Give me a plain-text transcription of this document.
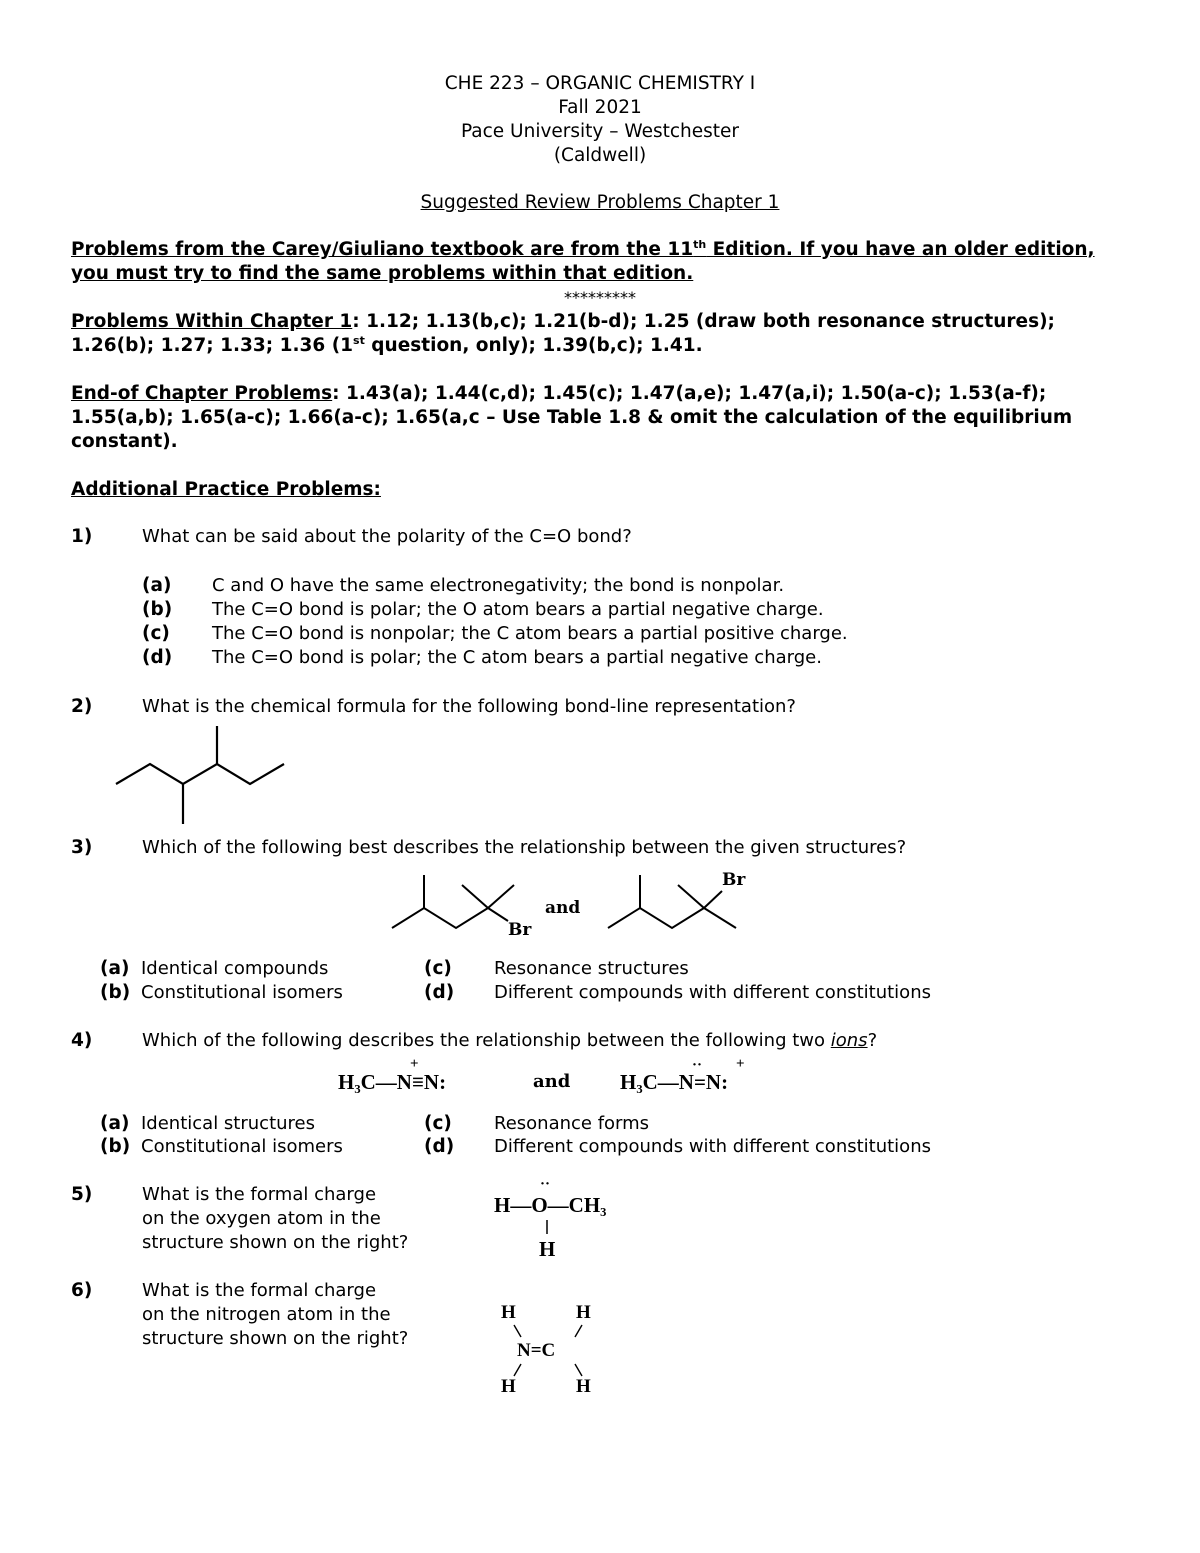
CHE 223 – ORGANIC CHEMISTRY I
Fall 2021
Pace University – Westchester
(Caldwell)
Suggested Review Problems Chapter 1
Problems from the Carey/Giuliano textbook are from the 11th Edition. If you have an older edition, you must try to find the same problems within that edition.
*********
Problems Within Chapter 1: 1.12; 1.13(b,c); 1.21(b-d); 1.25 (draw both resonance structures); 1.26(b); 1.27; 1.33; 1.36 (1st question, only); 1.39(b,c); 1.41.
End-of Chapter Problems: 1.43(a); 1.44(c,d); 1.45(c); 1.47(a,e); 1.47(a,i); 1.50(a-c); 1.53(a-f); 1.55(a,b); 1.65(a-c); 1.66(a-c); 1.65(a,c – Use Table 1.8 & omit the calculation of the equilibrium constant).
Additional Practice Problems:
1)	What can be said about the polarity of the C=O bond?
(a) C and O have the same electronegativity; the bond is nonpolar.
(b) The C=O bond is polar; the O atom bears a partial negative charge.
(c) The C=O bond is nonpolar; the C atom bears a partial positive charge.
(d) The C=O bond is polar; the C atom bears a partial negative charge.
2)	What is the chemical formula for the following bond-line representation?
3)	Which of the following best describes the relationship between the given structures?
Br
and
Br
(a) Identical compounds
(b) Constitutional isomers
(c) Resonance structures
(d) Different compounds with different constitutions
4)	Which of the following describes the relationship between the following two ions?
H₃C—N≡N:
+
and H₃C—N=N:
·· +
(a) Identical structures
(b) Constitutional isomers
(c) Resonance forms
(d) Different compounds with different constitutions
5)	What is the formal charge
on the oxygen atom in the
structure shown on the right?
H—O—CH₃
··
H
6)	What is the formal charge
on the nitrogen atom in the
structure shown on the right?
H	H
N=C
H	H
